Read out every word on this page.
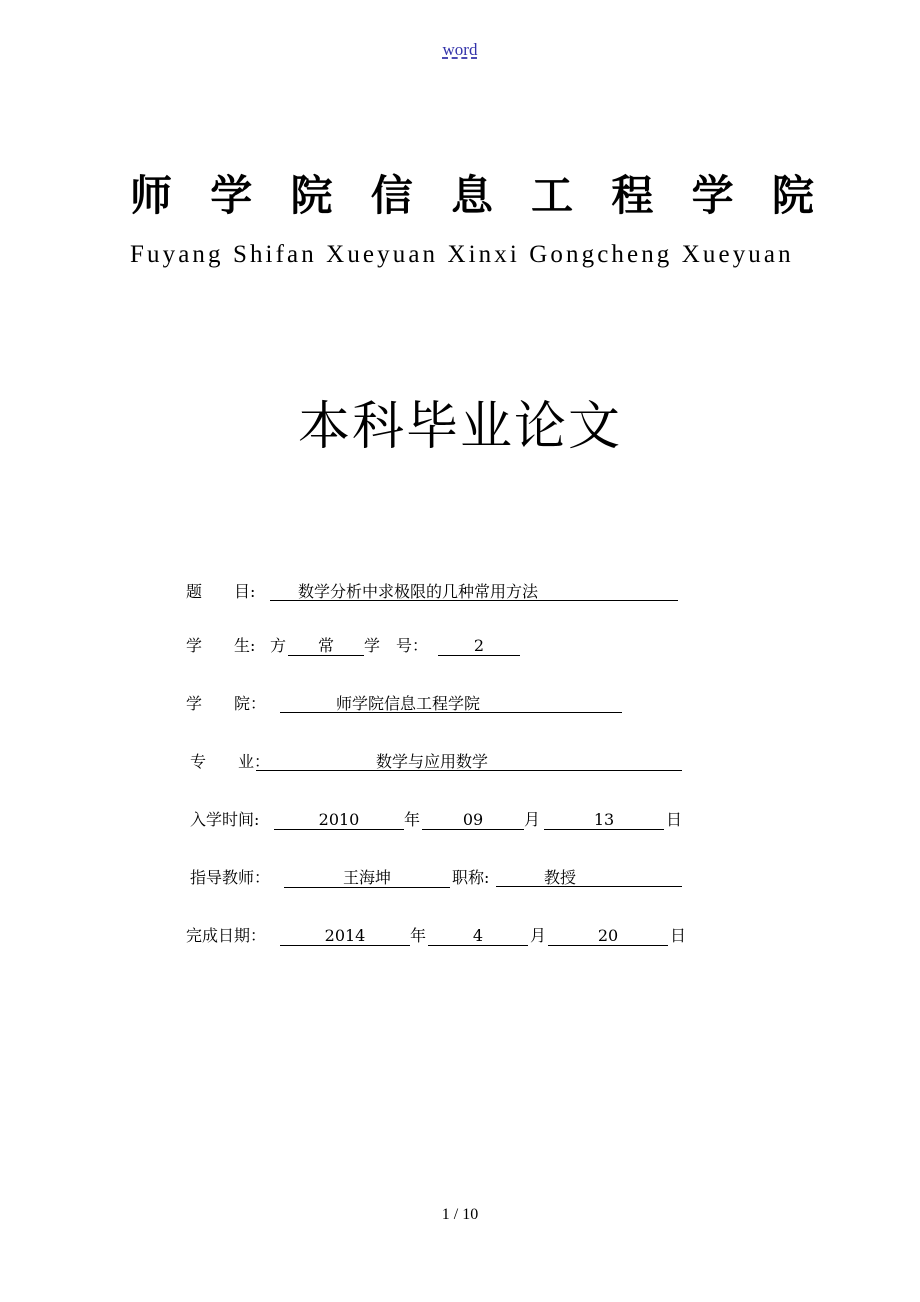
word
师 学 院 信 息 工 程 学 院
Fuyang Shifan Xueyuan Xinxi Gongcheng Xueyuan
本科毕业论文
题　　目:	数学分析中求极限的几种常用方法
学　　生: 方	常	学　号：	2
学　　院：	师学院信息工程学院
专　　业：	数学与应用数学
入学时间:	2010	年	09	月	13	日
指导教师：	王海坤	职称:	教授
完成日期：	2014	年	4	月	20	日
1 / 10
